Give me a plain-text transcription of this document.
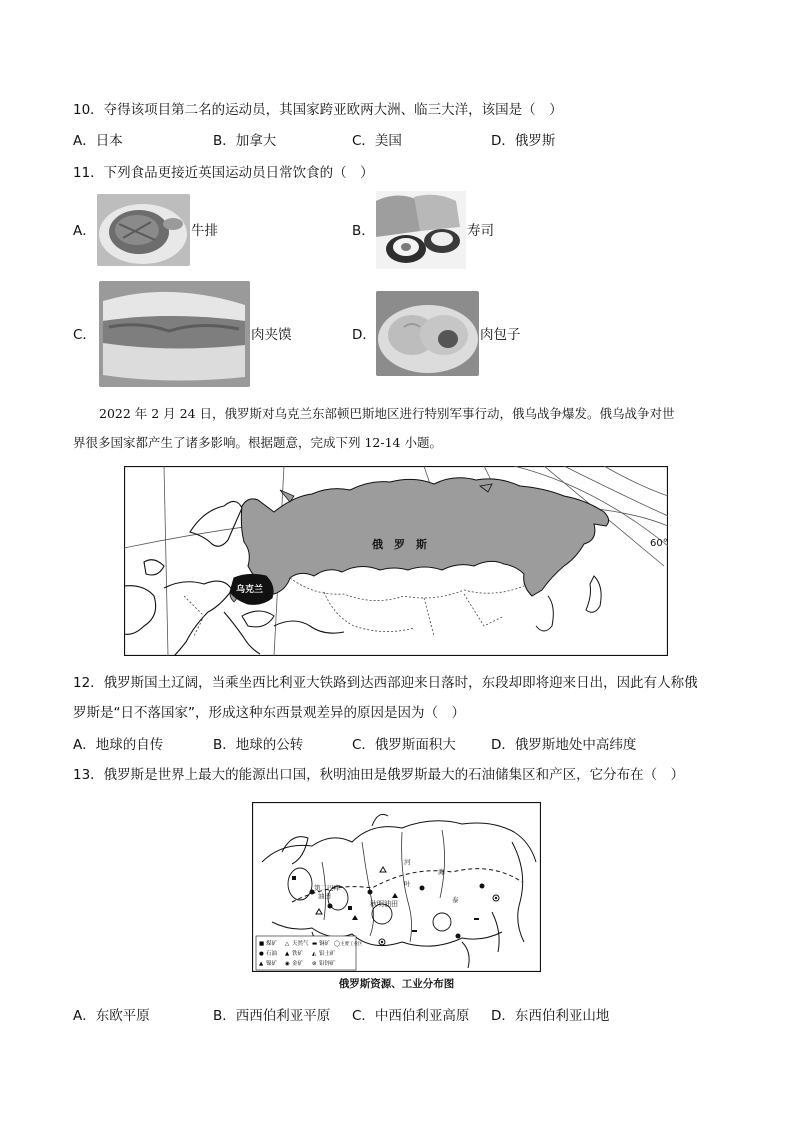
10．夺得该项目第二名的运动员，其国家跨亚欧两大洲、临三大洋，该国是（　）
A．日本	B．加拿大	C．美国	D．俄罗斯
11．下列食品更接近英国运动员日常饮食的（　）
A．	牛排	B．	寿司
C．	肉夹馍	D．	肉包子
2022 年 2 月 24 日，俄罗斯对乌克兰东部顿巴斯地区进行特别军事行动，俄乌战争爆发。俄乌战争对世
界很多国家都产生了诸多影响。根据题意，完成下列 12-14 小题。
俄　罗　斯
乌克兰
60°
12．俄罗斯国土辽阔，当乘坐西比利亚大铁路到达西部迎来日落时，东段却即将迎来日出，因此有人称俄
罗斯是“日不落国家”，形成这种东西景观差异的原因是因为（　）
A．地球的自传	B．地球的公转	C．俄罗斯面积大	D．俄罗斯地处中高纬度
13．俄罗斯是世界上最大的能源出口国，秋明油田是俄罗斯最大的石油储集区和产区，它分布在（　）
第二巴库
油田
秋明油田
河
叶
海
泰
■ 煤矿 △ 天然气 ▬ 铜矿 ◯ 主要工业区
● 石油 ▲ 铁矿 ◭ 铝土矿
▲ 镍矿 ◉ 金矿 ⊛ 铅锌矿
俄罗斯资源、工业分布图
A．东欧平原	B．西西伯利亚平原 C．中西伯利亚高原 D．东西伯利亚山地
